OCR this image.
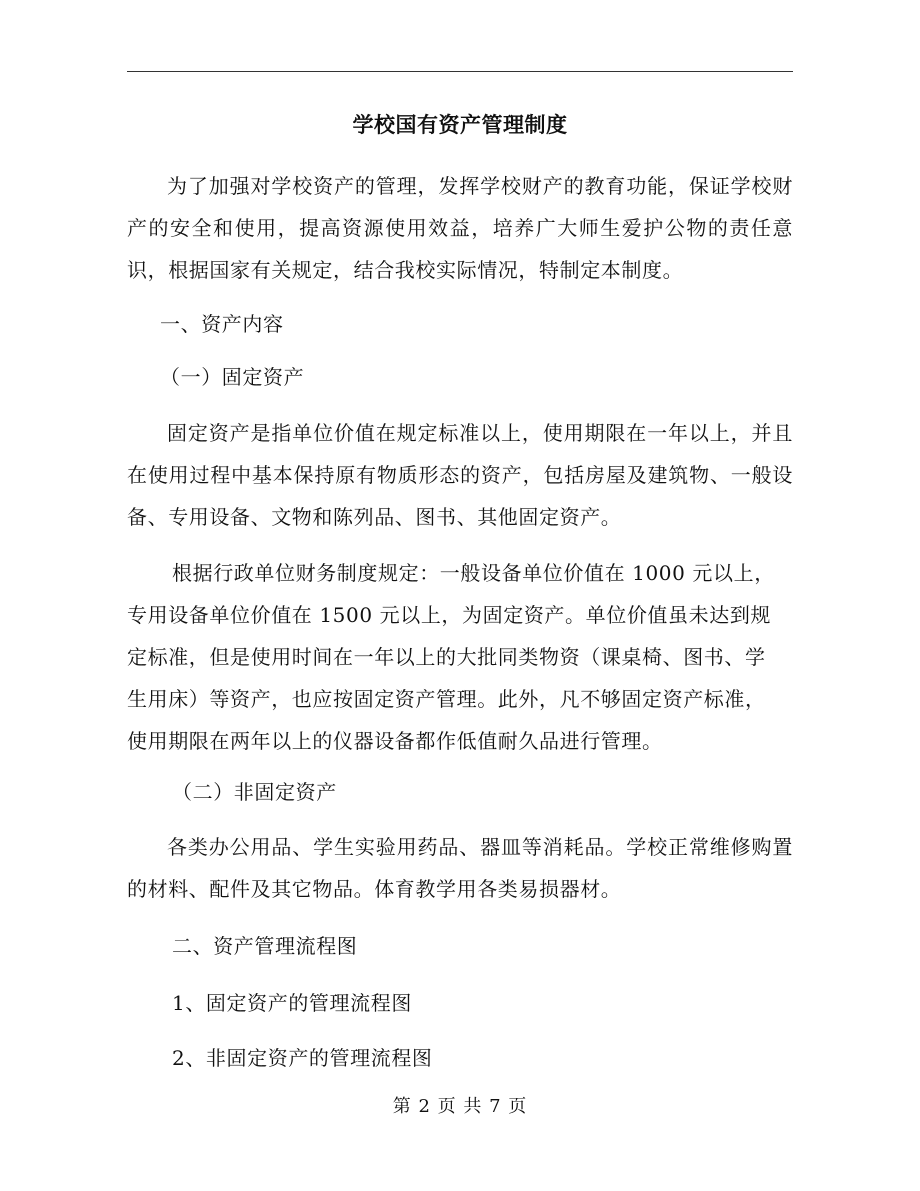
学校国有资产管理制度
为了加强对学校资产的管理，发挥学校财产的教育功能，保证学校财产的安全和使用，提高资源使用效益，培养广大师生爱护公物的责任意识，根据国家有关规定，结合我校实际情况，特制定本制度。
一、资产内容
（一）固定资产
固定资产是指单位价值在规定标准以上，使用期限在一年以上，并且在使用过程中基本保持原有物质形态的资产，包括房屋及建筑物、一般设备、专用设备、文物和陈列品、图书、其他固定资产。
根据行政单位财务制度规定：一般设备单位价值在 1000 元以上，
专用设备单位价值在 1500 元以上，为固定资产。单位价值虽未达到规
定标准，但是使用时间在一年以上的大批同类物资（课桌椅、图书、学
生用床）等资产，也应按固定资产管理。此外，凡不够固定资产标准，
使用期限在两年以上的仪器设备都作低值耐久品进行管理。
（二）非固定资产
各类办公用品、学生实验用药品、器皿等消耗品。学校正常维修购置的材料、配件及其它物品。体育教学用各类易损器材。
二、资产管理流程图
1、固定资产的管理流程图
2、非固定资产的管理流程图
第 2 页 共 7 页
